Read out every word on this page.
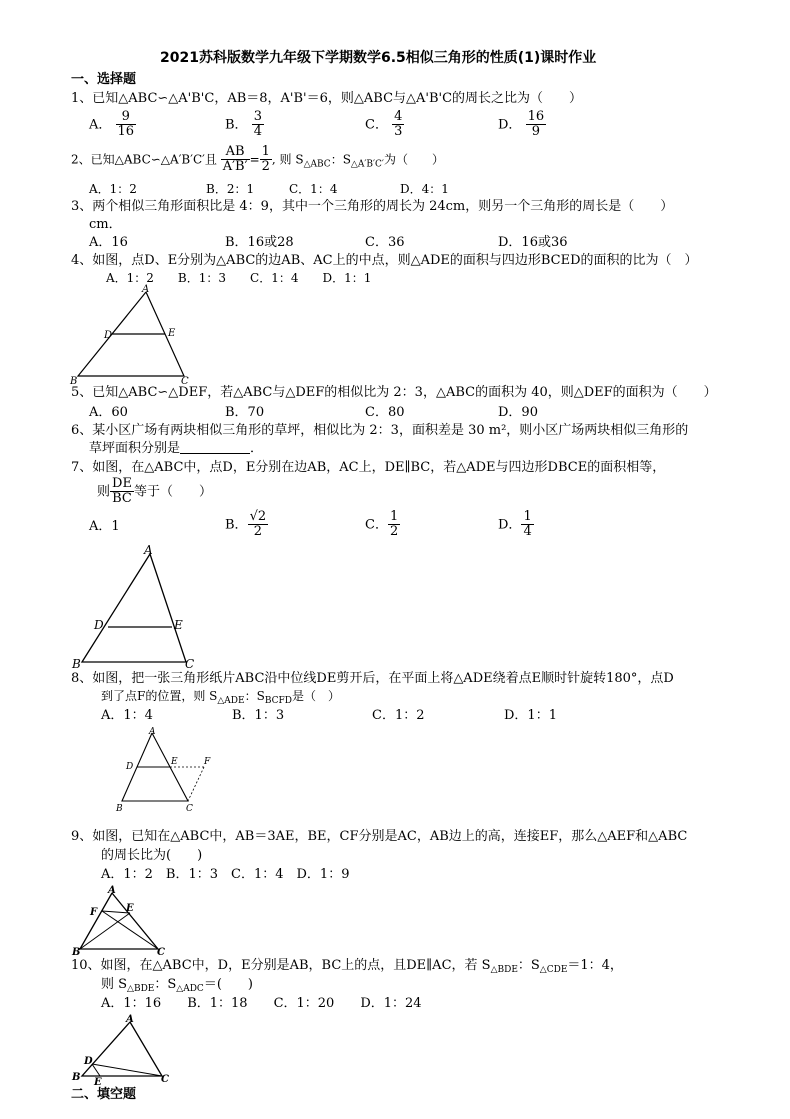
2021苏科版数学九年级下学期数学6.5相似三角形的性质(1)课时作业
一、选择题
1、已知△ABC∽△A'B'C，AB＝8，A'B'＝6，则△ABC与△A'B'C的周长之比为（　　）
A． $\frac{9}{16}$	B． $\frac{3}{4}$	C． $\frac{4}{3}$	D． $\frac{16}{9}$
2、已知△ABC∽△A′B′C′且 $\frac{AB}{A'B'} = \frac{1}{2}$ , 则 $S_{\triangle ABC}$：$S_{\triangle A'B'C'}$为（　　）
A．1：2	B．2：1	C．1：4	D．4：1
3、两个相似三角形面积比是 4：9，其中一个三角形的周长为 24cm，则另一个三角形的周长是（　　）
cm．
A．16	B．16或28	C．36	D．16或36
4、如图，点D、E分别为△ABC的边AB、AC上的中点，则△ADE的面积与四边形BCED的面积的比为（　）
A．1：2　　B．1：3　　C．1：4　　D．1：1
A
D	E
B	C
5、已知△ABC∽△DEF，若△ABC与△DEF的相似比为 2：3，△ABC的面积为 40，则△DEF的面积为（　　）
A．60	B．70	C．80	D．90
6、某小区广场有两块相似三角形的草坪，相似比为 2：3，面积差是 30 m²，则小区广场两块相似三角形的
草坪面积分别是	．
7、如图，在△ABC中，点D，E分别在边AB，AC上，DE∥BC，若△ADE与四边形DBCE的面积相等，
则 $\frac{DE}{BC}$ 等于（　　）
A．1	B． $\frac{√2}{2}$	C． $\frac{1}{2}$	D． $\frac{1}{4}$
A
D	E
B	C
8、如图，把一张三角形纸片ABC沿中位线DE剪开后，在平面上将△ADE绕着点E顺时针旋转180°，点D
到了点F的位置，则 $S_{\triangle ADE}$：$S_{BCFD}$是（　）
A．1：4	B．1：3	C．1：2	D．1：1
A
D	E	F
B	C
9、如图，已知在△ABC中，AB＝3AE，BE，CF分别是AC，AB边上的高，连接EF，那么△AEF和△ABC
的周长比为(　　)
A．1：2　B．1：3　C．1：4　D．1：9
A
F	E
B	C
10、如图，在△ABC中，D，E分别是AB，BC上的点，且DE∥AC，若 $S_{\triangle BDE}$：$S_{\triangle CDE}=1$：4，
则 $S_{\triangle BDE}$：$S_{\triangle ADC}=$(　　)
A．1：16　　B．1：18　　C．1：20　　D．1：24
A
D
B E	C
二、填空题
